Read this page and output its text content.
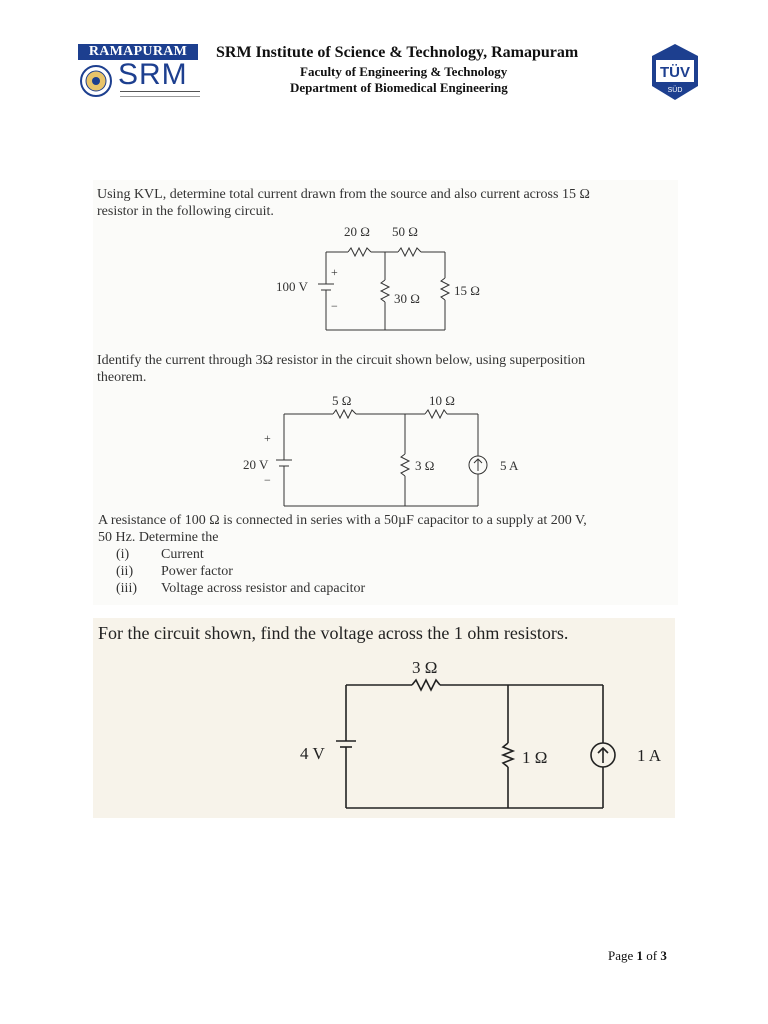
RAMAPURAM
SRM
SRM Institute of Science & Technology, Ramapuram
Faculty of Engineering & Technology
Department of Biomedical Engineering
TÜV
SÜD
Using KVL, determine total current drawn from the source and also current across 15 Ω
resistor in the following circuit.
20 Ω 50 Ω
100 V
+
−	30 Ω
15 Ω
Identify the current through 3Ω resistor in the circuit shown below, using superposition
theorem.
5 Ω	10 Ω
+
20 V
−
3 Ω	5 A
A resistance of 100 Ω is connected in series with a 50µF capacitor to a supply at 200 V,
50 Hz. Determine the
(i)	Current
(ii)	Power factor
(iii)	Voltage across resistor and capacitor
For the circuit shown, find the voltage across the 1 ohm resistors.
3 Ω
4 V	1 Ω	1 A
Page 1 of 3
